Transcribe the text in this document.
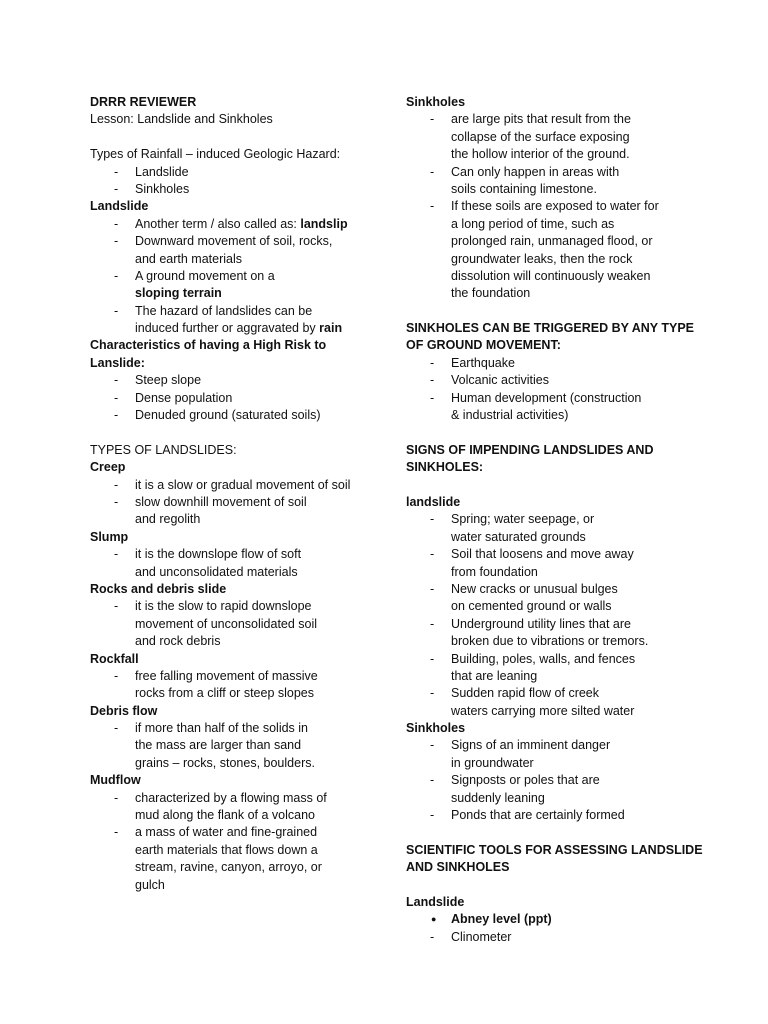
DRRR REVIEWER
Lesson: Landslide and Sinkholes
Types of Rainfall – induced Geologic Hazard:
- Landslide
- Sinkholes
Landslide
- Another term / also called as: landslip
- Downward movement of soil, rocks,
and earth materials
- A ground movement on a
sloping terrain
- The hazard of landslides can be
induced further or aggravated by rain
Characteristics of having a High Risk to
Lanslide:
- Steep slope
- Dense population
- Denuded ground (saturated soils)
TYPES OF LANDSLIDES:
Creep
- it is a slow or gradual movement of soil
- slow downhill movement of soil
and regolith
Slump
- it is the downslope flow of soft
and unconsolidated materials
Rocks and debris slide
- it is the slow to rapid downslope
movement of unconsolidated soil
and rock debris
Rockfall
- free falling movement of massive
rocks from a cliff or steep slopes
Debris flow
- if more than half of the solids in
the mass are larger than sand
grains – rocks, stones, boulders.
Mudflow
- characterized by a flowing mass of
mud along the flank of a volcano
- a mass of water and fine-grained
earth materials that flows down a
stream, ravine, canyon, arroyo, or
gulch
Sinkholes
- are large pits that result from the
collapse of the surface exposing
the hollow interior of the ground.
- Can only happen in areas with
soils containing limestone.
- If these soils are exposed to water for
a long period of time, such as
prolonged rain, unmanaged flood, or
groundwater leaks, then the rock
dissolution will continuously weaken
the foundation
SINKHOLES CAN BE TRIGGERED BY ANY TYPE
OF GROUND MOVEMENT:
- Earthquake
- Volcanic activities
- Human development (construction
& industrial activities)
SIGNS OF IMPENDING LANDSLIDES AND
SINKHOLES:
landslide
- Spring; water seepage, or
water saturated grounds
- Soil that loosens and move away
from foundation
- New cracks or unusual bulges
on cemented ground or walls
- Underground utility lines that are
broken due to vibrations or tremors.
- Building, poles, walls, and fences
that are leaning
- Sudden rapid flow of creek
waters carrying more silted water
Sinkholes
- Signs of an imminent danger
in groundwater
- Signposts or poles that are
suddenly leaning
- Ponds that are certainly formed
SCIENTIFIC TOOLS FOR ASSESSING LANDSLIDE
AND SINKHOLES
Landslide
● Abney level (ppt)
- Clinometer
